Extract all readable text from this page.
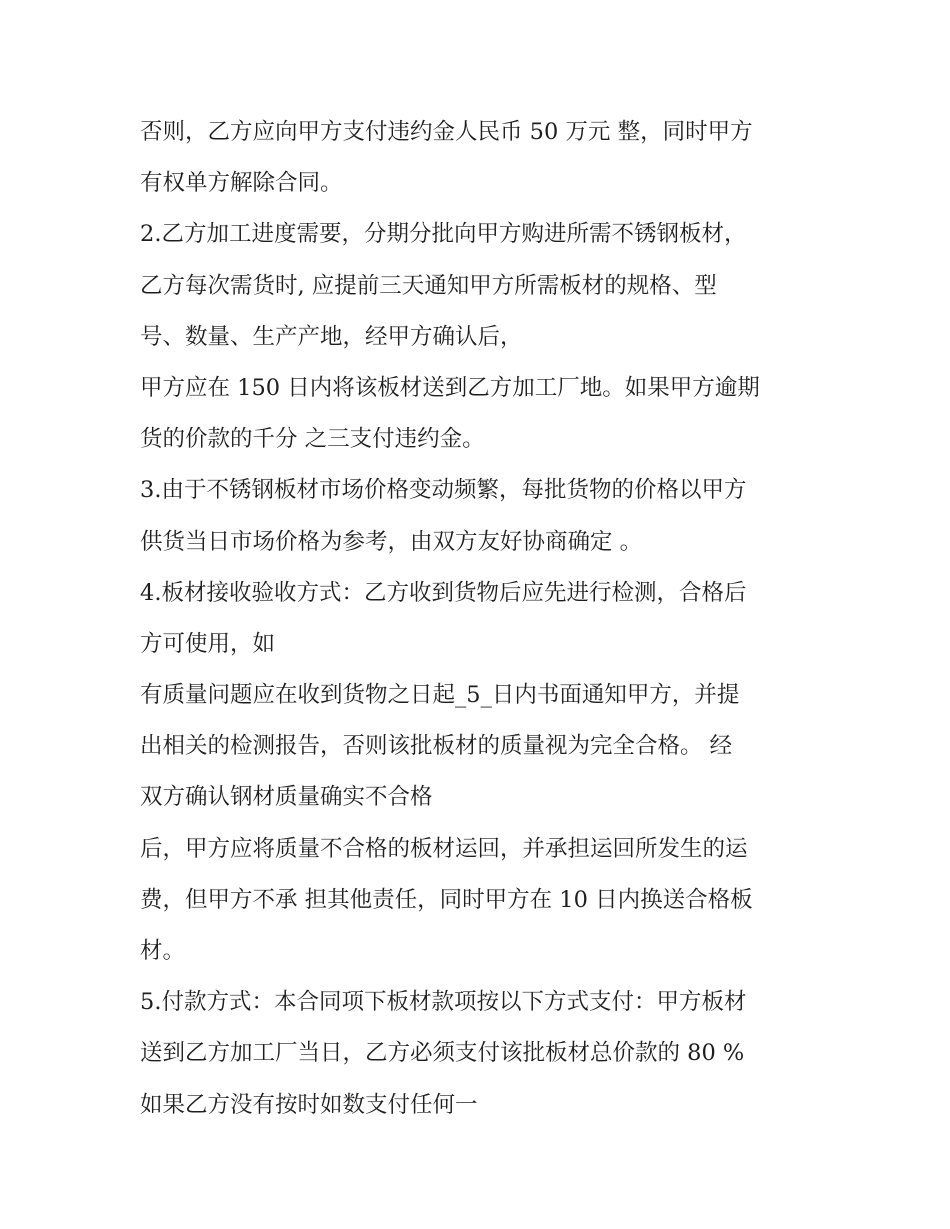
否则，乙方应向甲方支付违约金人民币 50 万元 整，同时甲方
有权单方解除合同。
2.乙方加工进度需要，分期分批向甲方购进所需不锈钢板材，
乙方每次需货时, 应提前三天通知甲方所需板材的规格、型
号、数量、生产产地，经甲方确认后，
甲方应在 150 日内将该板材送到乙方加工厂地。如果甲方逾期
货的价款的千分 之三支付违约金。
3.由于不锈钢板材市场价格变动频繁，每批货物的价格以甲方
供货当日市场价格为参考，由双方友好协商确定 。
4.板材接收验收方式：乙方收到货物后应先进行检测，合格后
方可使用，如
有质量问题应在收到货物之日起_5_日内书面通知甲方，并提
出相关的检测报告，否则该批板材的质量视为完全合格。 经
双方确认钢材质量确实不合格
后，甲方应将质量不合格的板材运回，并承担运回所发生的运
费，但甲方不承 担其他责任，同时甲方在 10 日内换送合格板
材。
5.付款方式：本合同项下板材款项按以下方式支付：甲方板材
送到乙方加工厂当日，乙方必须支付该批板材总价款的 80 %
如果乙方没有按时如数支付任何一
